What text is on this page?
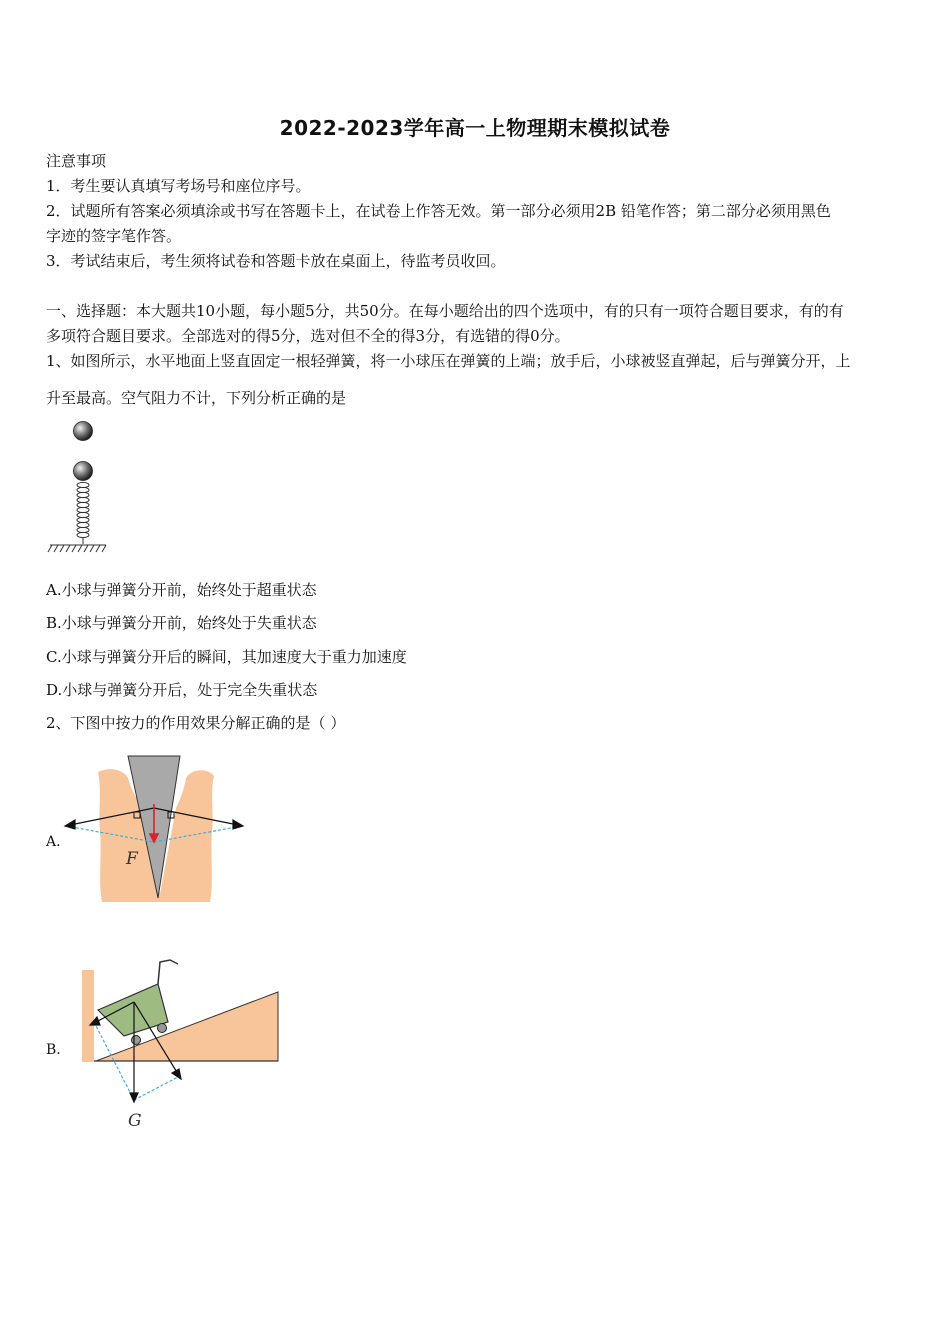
2022-2023学年高一上物理期末模拟试卷
注意事项
1．考生要认真填写考场号和座位序号。
2．试题所有答案必须填涂或书写在答题卡上，在试卷上作答无效。第一部分必须用2B 铅笔作答；第二部分必须用黑色
字迹的签字笔作答。
3．考试结束后，考生须将试卷和答题卡放在桌面上，待监考员收回。
一、选择题：本大题共10小题，每小题5分，共50分。在每小题给出的四个选项中，有的只有一项符合题目要求，有的有
多项符合题目要求。全部选对的得5分，选对但不全的得3分，有选错的得0分。
1、如图所示，水平地面上竖直固定一根轻弹簧，将一小球压在弹簧的上端；放手后，小球被竖直弹起，后与弹簧分开，上
升至最高。空气阻力不计，下列分析正确的是
A.小球与弹簧分开前，始终处于超重状态
B.小球与弹簧分开前，始终处于失重状态
C.小球与弹簧分开后的瞬间，其加速度大于重力加速度
D.小球与弹簧分开后，处于完全失重状态
2、下图中按力的作用效果分解正确的是（ ）
A.
F
B.
G
